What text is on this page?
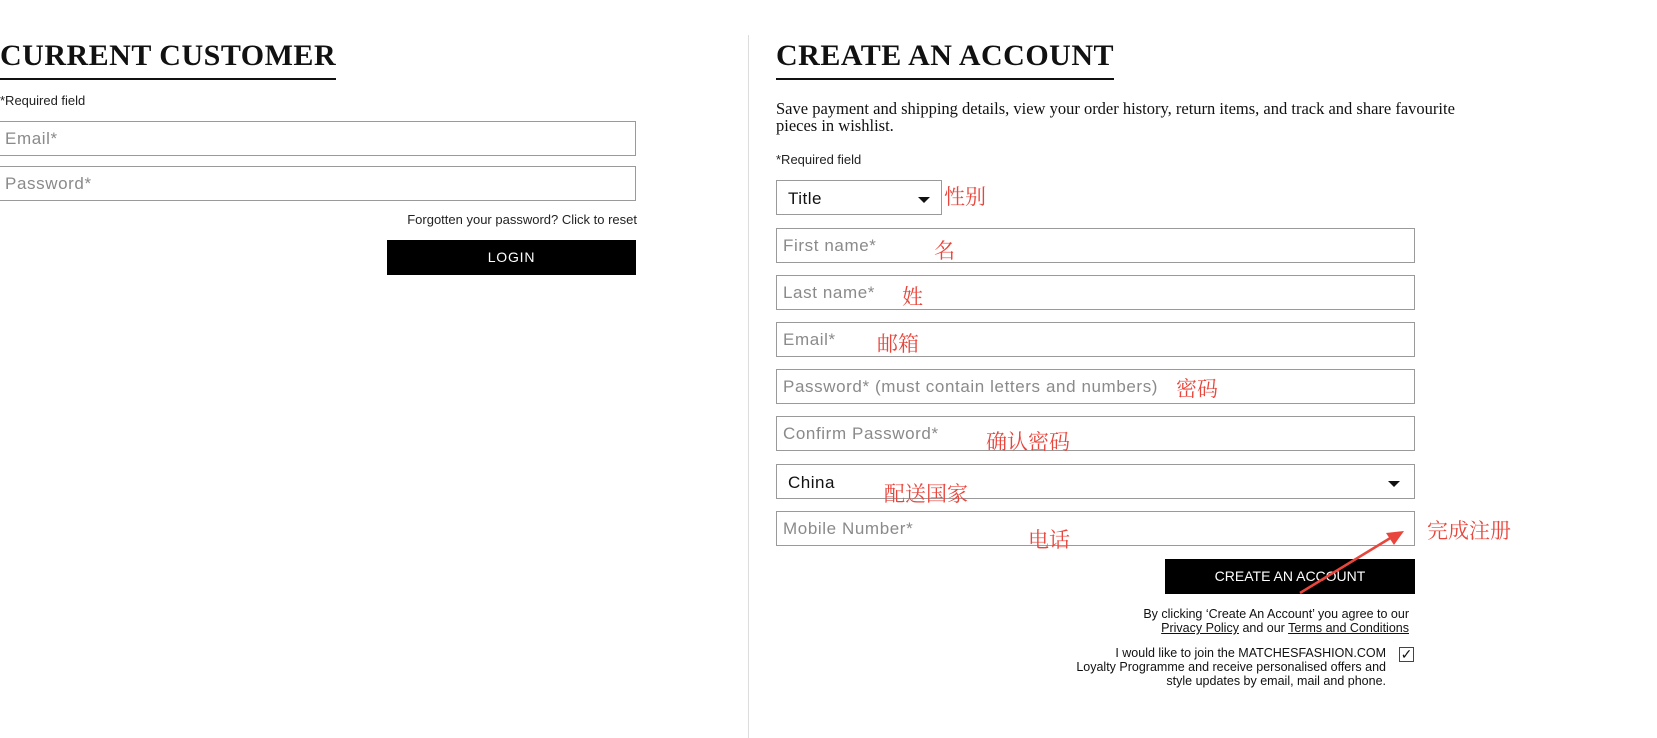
CURRENT CUSTOMER
*Required field
Email*
Forgotten your password? Click to reset
LOGIN
CREATE AN ACCOUNT
Save payment and shipping details, view your order history, return items, and track and share favourite pieces in wishlist.
*Required field
Title	性别
First name*
名
Last name*
姓
Email*
邮箱
密码
确认密码
China 配送国家
Mobile Number*
电话
CREATE AN ACCOUNT
完成注册
By clicking ‘Create An Account’ you agree to our
Privacy Policy and our Terms and Conditions
I would like to join the MATCHESFASHION.COM
Loyalty Programme and receive personalised offers and
style updates by email, mail and phone.
✓
